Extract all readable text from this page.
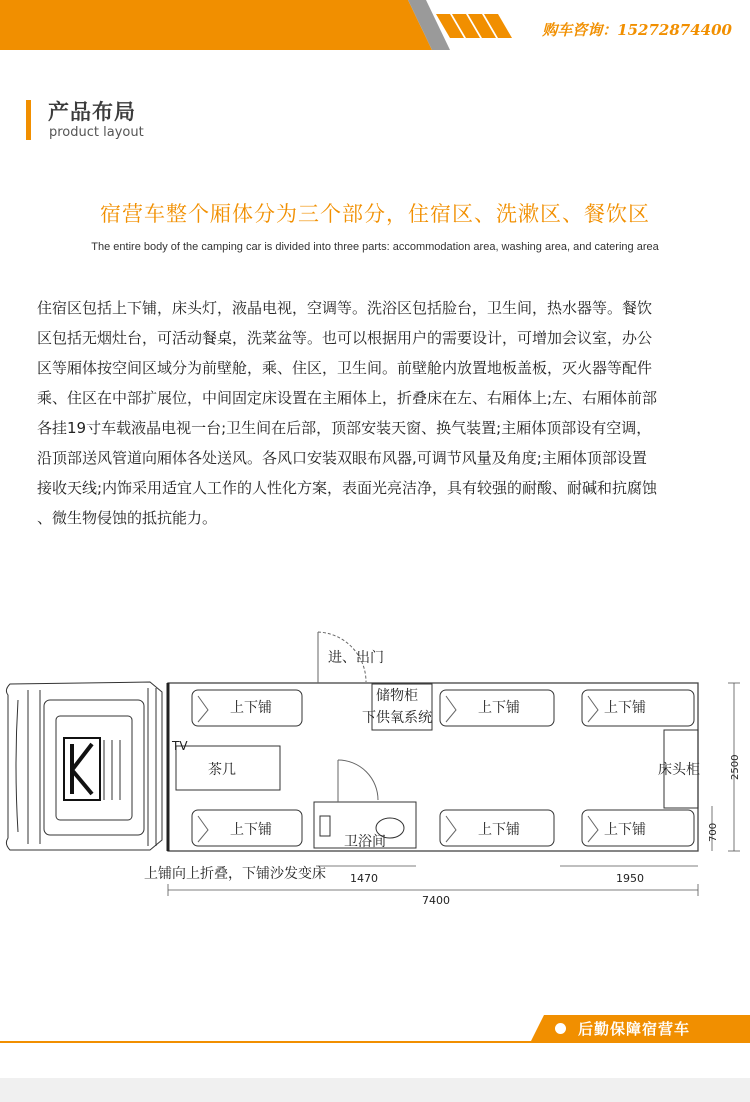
购车咨询：15272874400
产品布局
product layout
宿营车整个厢体分为三个部分，住宿区、洗漱区、餐饮区
The entire body of the camping car is divided into three parts: accommodation area, washing area, and catering area
住宿区包括上下铺，床头灯，液晶电视，空调等。洗浴区包括脸台，卫生间，热水器等。餐饮
区包括无烟灶台，可活动餐桌，洗菜盆等。也可以根据用户的需要设计，可增加会议室，办公
区等厢体按空间区域分为前壁舱，乘、住区，卫生间。前壁舱内放置地板盖板，灭火器等配件
乘、住区在中部扩展位，中间固定床设置在主厢体上，折叠床在左、右厢体上;左、右厢体前部
各挂19寸车载液晶电视一台;卫生间在后部，顶部安装天窗、换气装置;主厢体顶部设有空调，
沿顶部送风管道向厢体各处送风。各风口安装双眼布风器,可调节风量及角度;主厢体顶部设置
接收天线;内饰采用适宜人工作的人性化方案，表面光亮洁净，具有较强的耐酸、耐碱和抗腐蚀
、微生物侵蚀的抵抗能力。
进、出门
储物柜
下供氧系统
上下铺	上下铺	上下铺
上下铺	上下铺	上下铺
TV
茶几
卫浴间
床头柜
上铺向上折叠，下铺沙发变床
7400
1470	1950
2500
700
后勤保障宿营车
